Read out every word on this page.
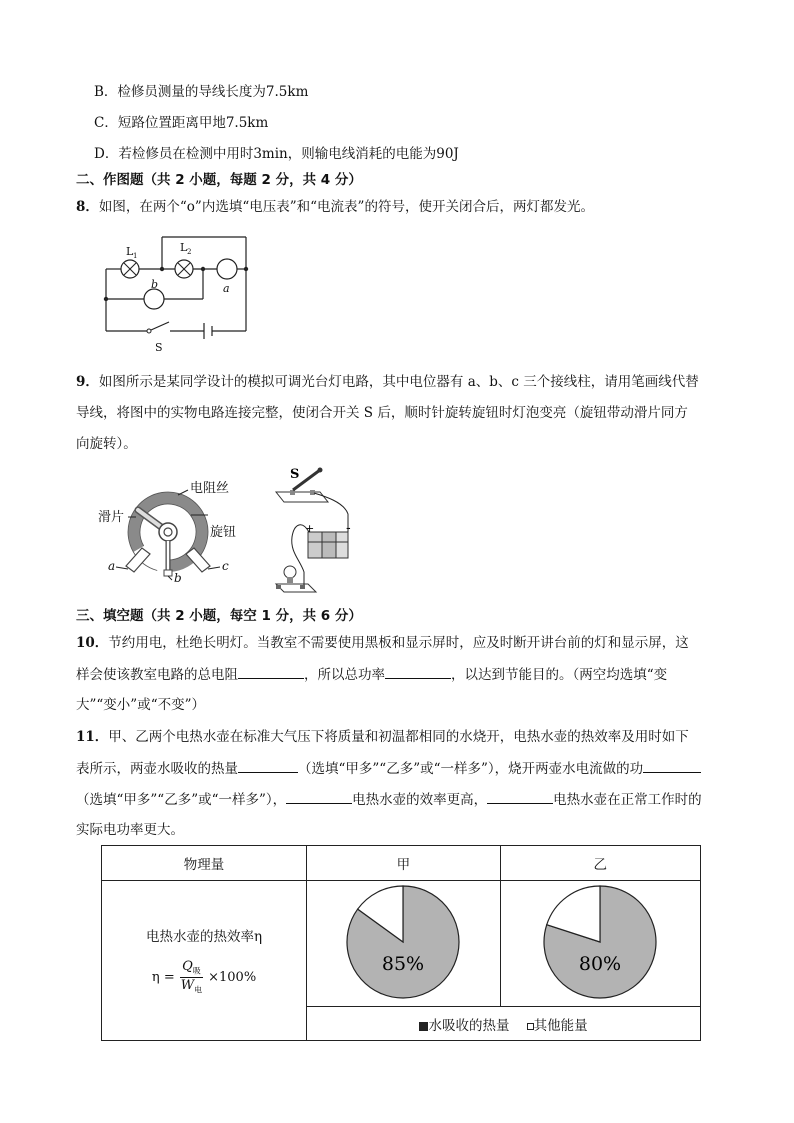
B．检修员测量的导线长度为7.5km
C．短路位置距离甲地7.5km
D．若检修员在检测中用时3min，则输电线消耗的电能为90J
二、作图题（共 2 小题，每题 2 分，共 4 分）
8．如图，在两个“o”内选填“电压表”和“电流表”的符号，使开关闭合后，两灯都发光。
L 1
L 2
a
b
S
9．如图所示是某同学设计的模拟可调光台灯电路，其中电位器有 a、b、c 三个接线柱，请用笔画线代替
导线，将图中的实物电路连接完整，使闭合开关 S 后，顺时针旋转旋钮时灯泡变亮（旋钮带动滑片同方
向旋转）。
电阻丝
滑片
旋钮
a
b
c
S
+ -
三、填空题（共 2 小题，每空 1 分，共 6 分）
10．节约用电，杜绝长明灯。当教室不需要使用黑板和显示屏时，应及时断开讲台前的灯和显示屏，这
样会使该教室电路的总电阻	，所以总功率	，以达到节能目的。（两空均选填“变
大”“变小”或“不变”）
11．甲、乙两个电热水壶在标准大气压下将质量和初温都相同的水烧开，电热水壶的热效率及用时如下
表所示，两壶水吸收的热量	（选填“甲多”“乙多”或“一样多”），烧开两壶水电流做的功
（选填“甲多”“乙多”或“一样多”），	电热水壶的效率更高，	电热水壶在正常工作时的
实际电功率更大。
物理量	甲	乙

电热水壶的热效率η
η =
$Q_吸$
$W_电$
×100%	85%	80%

	水吸收的热量 其他能量	
